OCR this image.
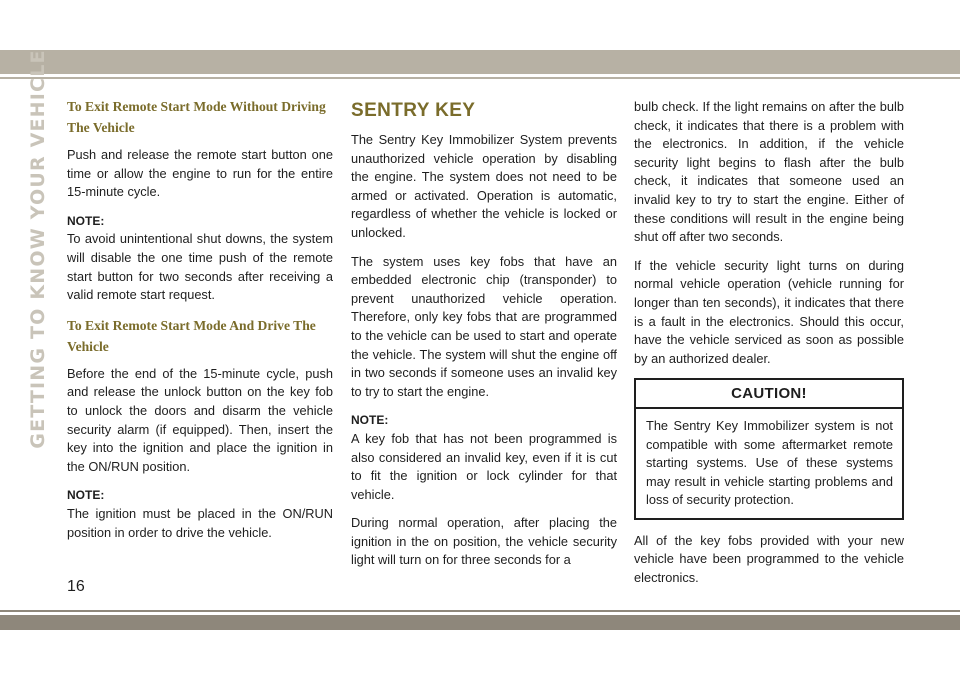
GETTING TO KNOW YOUR VEHICLE To Exit Remote Start Mode Without Driving The Vehicle

Push and release the remote start button one time or allow the engine to run for the entire 15-minute cycle.

NOTE:
To avoid unintentional shut downs, the system will disable the one time push of the remote start button for two seconds after receiving a valid remote start request.

To Exit Remote Start Mode And Drive The Vehicle

Before the end of the 15-minute cycle, push and release the unlock button on the key fob to unlock the doors and disarm the vehicle security alarm (if equipped). Then, insert the key into the ignition and place the ignition in the ON/RUN position.

NOTE:
The ignition must be placed in the ON/RUN position in order to drive the vehicle.

SENTRY KEY

The Sentry Key Immobilizer System prevents unauthorized vehicle operation by disabling the engine. The system does not need to be armed or activated. Operation is automatic, regardless of whether the vehicle is locked or unlocked.

The system uses key fobs that have an embedded electronic chip (transponder) to prevent unauthorized vehicle operation. Therefore, only key fobs that are programmed to the vehicle can be used to start and operate the vehicle. The system will shut the engine off in two seconds if someone uses an invalid key to try to start the engine.

NOTE:
A key fob that has not been programmed is also considered an invalid key, even if it is cut to fit the ignition or lock cylinder for that vehicle.

During normal operation, after placing the ignition in the on position, the vehicle security light will turn on for three seconds for a

bulb check. If the light remains on after the bulb check, it indicates that there is a problem with the electronics. In addition, if the vehicle security light begins to flash after the bulb check, it indicates that someone used an invalid key to try to start the engine. Either of these conditions will result in the engine being shut off after two seconds.

If the vehicle security light turns on during normal vehicle operation (vehicle running for longer than ten seconds), it indicates that there is a fault in the electronics. Should this occur, have the vehicle serviced as soon as possible by an authorized dealer.

CAUTION!
The Sentry Key Immobilizer system is not compatible with some aftermarket remote starting systems. Use of these systems may result in vehicle starting problems and loss of security protection.

All of the key fobs provided with your new vehicle have been programmed to the vehicle electronics.

16
